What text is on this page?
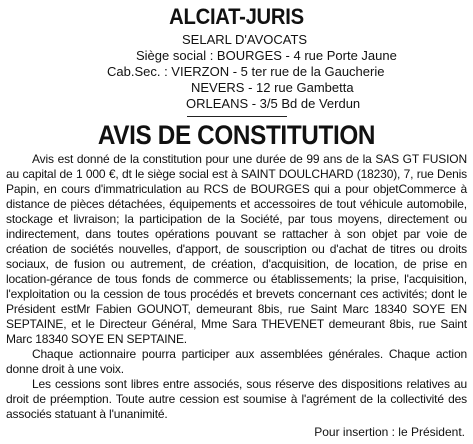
ALCIAT-JURIS
SELARL D'AVOCATS
Siège social : BOURGES - 4 rue Porte Jaune
Cab.Sec. : VIERZON - 5 ter rue de la Gaucherie
NEVERS - 12 rue Gambetta
ORLEANS - 3/5 Bd de Verdun
AVIS DE CONSTITUTION

Avis est donné de la constitution pour une durée de 99 ans de la SAS GT FUSION au capital de 1 000 €, dt le siège social est à SAINT DOULCHARD (18230), 7, rue Denis Papin, en cours d'immatriculation au RCS de BOURGES qui a pour objetCommerce à distance de pièces détachées, équipements et accessoires de tout véhicule automobile, stockage et livraison; la participation de la Société, par tous moyens, directement ou indirectement, dans toutes opérations pouvant se rattacher à son objet par voie de création de sociétés nouvelles, d'apport, de souscription ou d'achat de titres ou droits sociaux, de fusion ou autrement, de création, d'acquisition, de location, de prise en location-gérance de tous fonds de commerce ou établissements; la prise, l'acquisition, l'exploitation ou la cession de tous procédés et brevets concernant ces activités; dont le Président estMr Fabien GOUNOT, demeurant 8bis, rue Saint Marc 18340 SOYE EN SEPTAINE, et le Directeur Général, Mme Sara THEVENET demeurant 8bis, rue Saint Marc 18340 SOYE EN SEPTAINE.

Chaque actionnaire pourra participer aux assemblées générales. Chaque action donne droit à une voix.

Les cessions sont libres entre associés, sous réserve des dispositions relatives au droit de préemption. Toute autre cession est soumise à l'agrément de la collectivité des associés statuant à l'unanimité.

Pour insertion : le Président.
